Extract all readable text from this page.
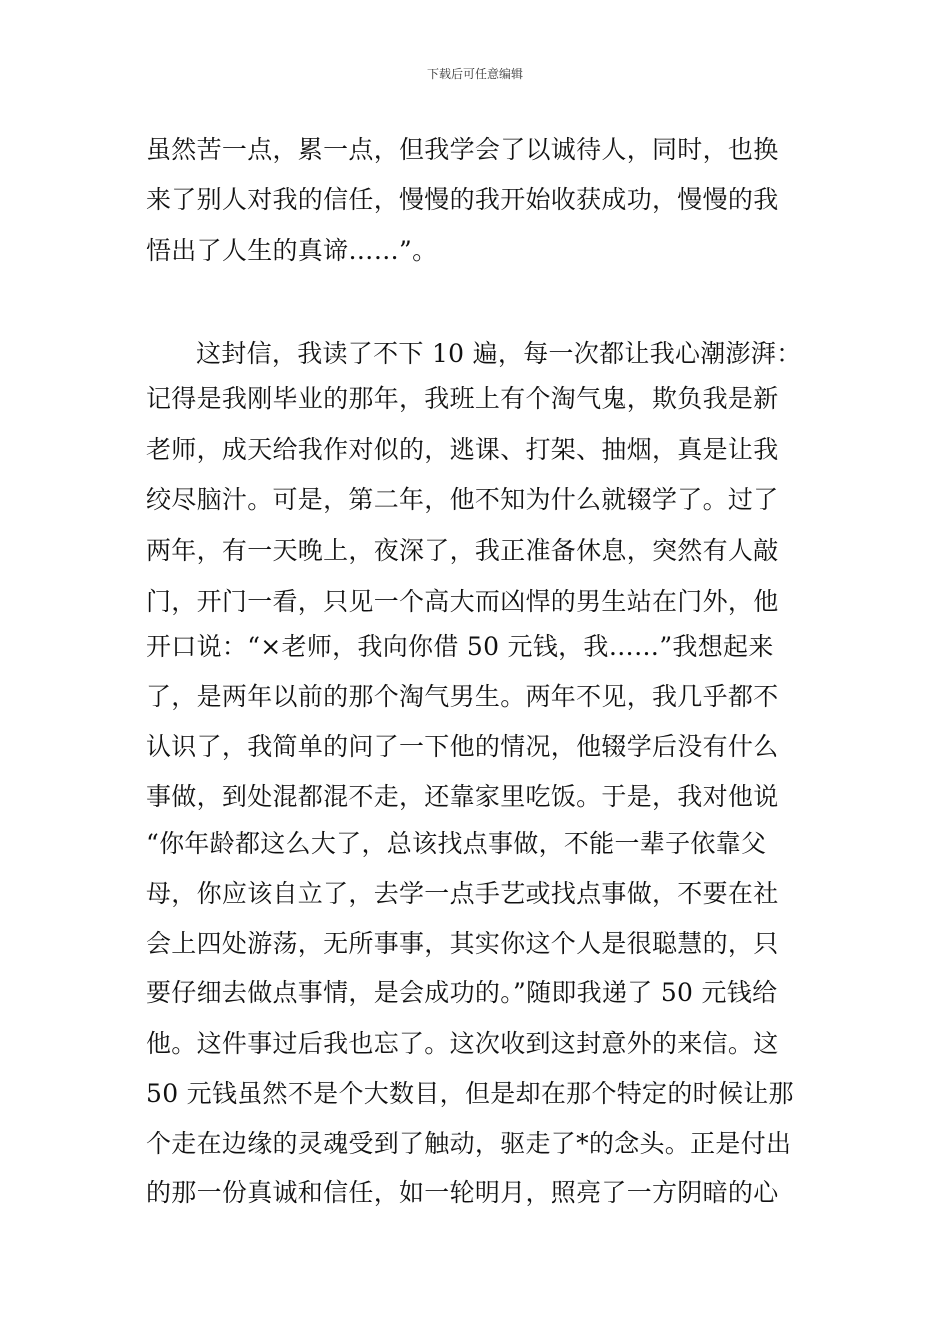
下载后可任意编辑
虽然苦一点，累一点，但我学会了以诚待人，同时，也换
来了别人对我的信任，慢慢的我开始收获成功，慢慢的我
悟出了人生的真谛……”。
这封信，我读了不下 10 遍，每一次都让我心潮澎湃：
记得是我刚毕业的那年，我班上有个淘气鬼，欺负我是新
老师，成天给我作对似的，逃课、打架、抽烟，真是让我
绞尽脑汁。可是，第二年，他不知为什么就辍学了。过了
两年，有一天晚上，夜深了，我正准备休息，突然有人敲
门，开门一看，只见一个高大而凶悍的男生站在门外，他
开口说：“×老师，我向你借 50 元钱，我……”我想起来
了，是两年以前的那个淘气男生。两年不见，我几乎都不
认识了，我简单的问了一下他的情况，他辍学后没有什么
事做，到处混都混不走，还靠家里吃饭。于是，我对他说
“你年龄都这么大了，总该找点事做，不能一辈子依靠父
母，你应该自立了，去学一点手艺或找点事做，不要在社
会上四处游荡，无所事事，其实你这个人是很聪慧的，只
要仔细去做点事情，是会成功的。”随即我递了 50 元钱给
他。这件事过后我也忘了。这次收到这封意外的来信。这
50 元钱虽然不是个大数目，但是却在那个特定的时候让那
个走在边缘的灵魂受到了触动，驱走了*的念头。正是付出
的那一份真诚和信任，如一轮明月，照亮了一方阴暗的心
